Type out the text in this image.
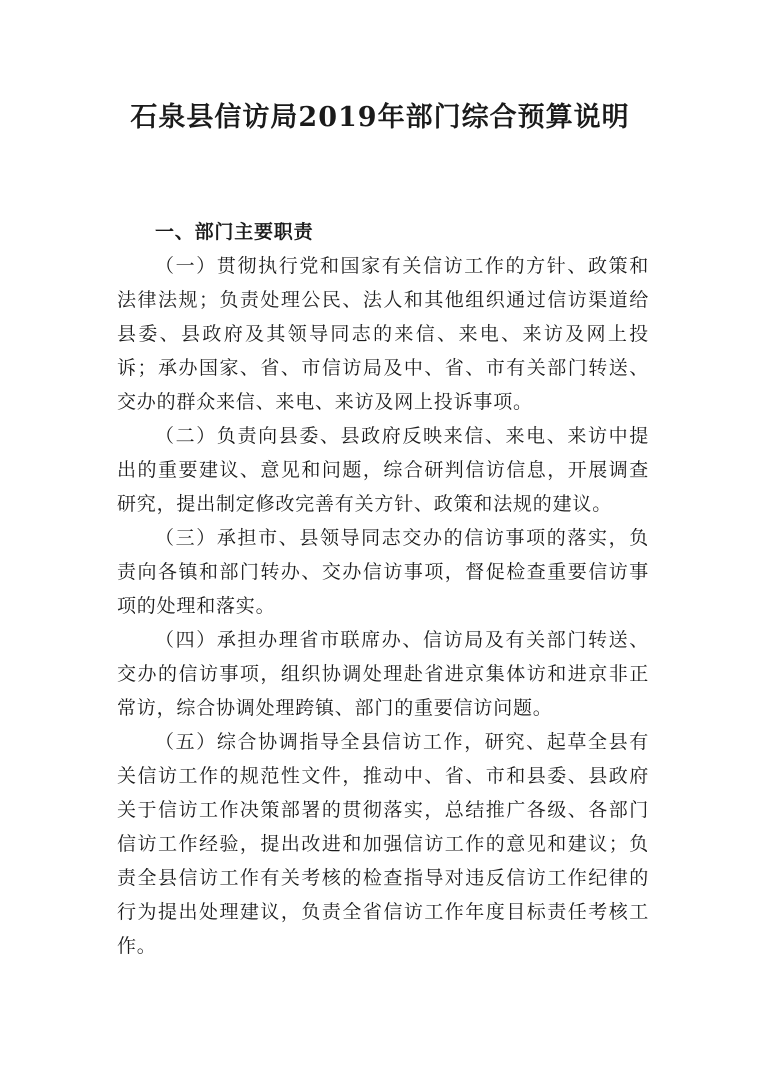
石泉县信访局2019年部门综合预算说明

一、部门主要职责

（一）贯彻执行党和国家有关信访工作的方针、政策和法律法规；负责处理公民、法人和其他组织通过信访渠道给县委、县政府及其领导同志的来信、来电、来访及网上投诉；承办国家、省、市信访局及中、省、市有关部门转送、交办的群众来信、来电、来访及网上投诉事项。

（二）负责向县委、县政府反映来信、来电、来访中提出的重要建议、意见和问题，综合研判信访信息，开展调查研究，提出制定修改完善有关方针、政策和法规的建议。

（三）承担市、县领导同志交办的信访事项的落实，负责向各镇和部门转办、交办信访事项，督促检查重要信访事项的处理和落实。

（四）承担办理省市联席办、信访局及有关部门转送、交办的信访事项，组织协调处理赴省进京集体访和进京非正常访，综合协调处理跨镇、部门的重要信访问题。

（五）综合协调指导全县信访工作，研究、起草全县有关信访工作的规范性文件，推动中、省、市和县委、县政府关于信访工作决策部署的贯彻落实，总结推广各级、各部门信访工作经验，提出改进和加强信访工作的意见和建议；负责全县信访工作有关考核的检查指导对违反信访工作纪律的行为提出处理建议，负责全省信访工作年度目标责任考核工作。
